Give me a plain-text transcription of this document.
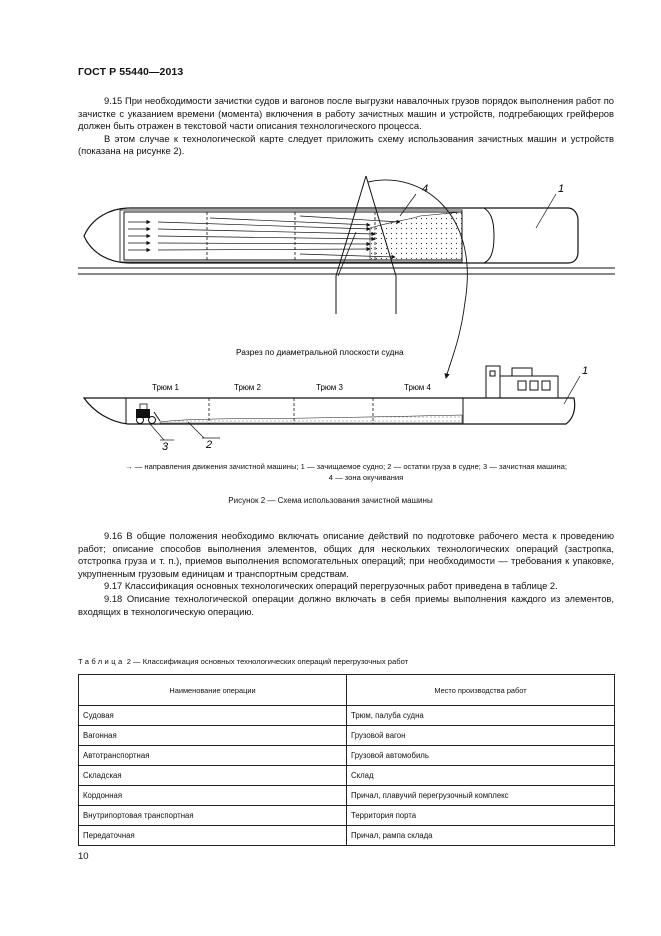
ГОСТ Р 55440—2013

9.15 При необходимости зачистки судов и вагонов после выгрузки навалочных грузов порядок выполнения работ по зачистке с указанием времени (момента) включения в работу зачистных машин и устройств, подгребающих грейферов должен быть отражен в текстовой части описания технологического процесса.

В этом случае к технологической карте следует приложить схему использования зачистных машин и устройств (показана на рисунке 2).

4	1
Разрез по диаметральной плоскости судна
Трюм 1	Трюм 2	Трюм 3	Трюм 4
1
3	2
→ — направления движения зачистной машины; 1 — зачищаемое судно; 2 — остатки груза в судне; 3 — зачистная машина;

4 — зона окучивания
Рисунок 2 — Схема использования зачистной машины

9.16 В общие положения необходимо включать описание действий по подготовке рабочего места к проведению работ; описание способов выполнения элементов, общих для нескольких технологических операций (застропка, отстропка груза и т. п.), приемов выполнения вспомогательных операций; при необходимости — требования к упаковке, укрупненным грузовым единицам и транспортным средствам.

9.17 Классификация основных технологических операций перегрузочных работ приведена в таблице 2.

9.18 Описание технологической операции должно включать в себя приемы выполнения каждого из элементов, входящих в технологическую операцию.

Таблица 2 — Классификация основных технологических операций перегрузочных работ
Наименование операции	Место производства работ
Судовая	Трюм, палуба судна
Вагонная	Грузовой вагон
Автотранспортная	Грузовой автомобиль
Складская	Склад
Кордонная	Причал, плавучий перегрузочный комплекс
Внутрипортовая транспортная	Территория порта
Передаточная	Причал, рампа склада
10
